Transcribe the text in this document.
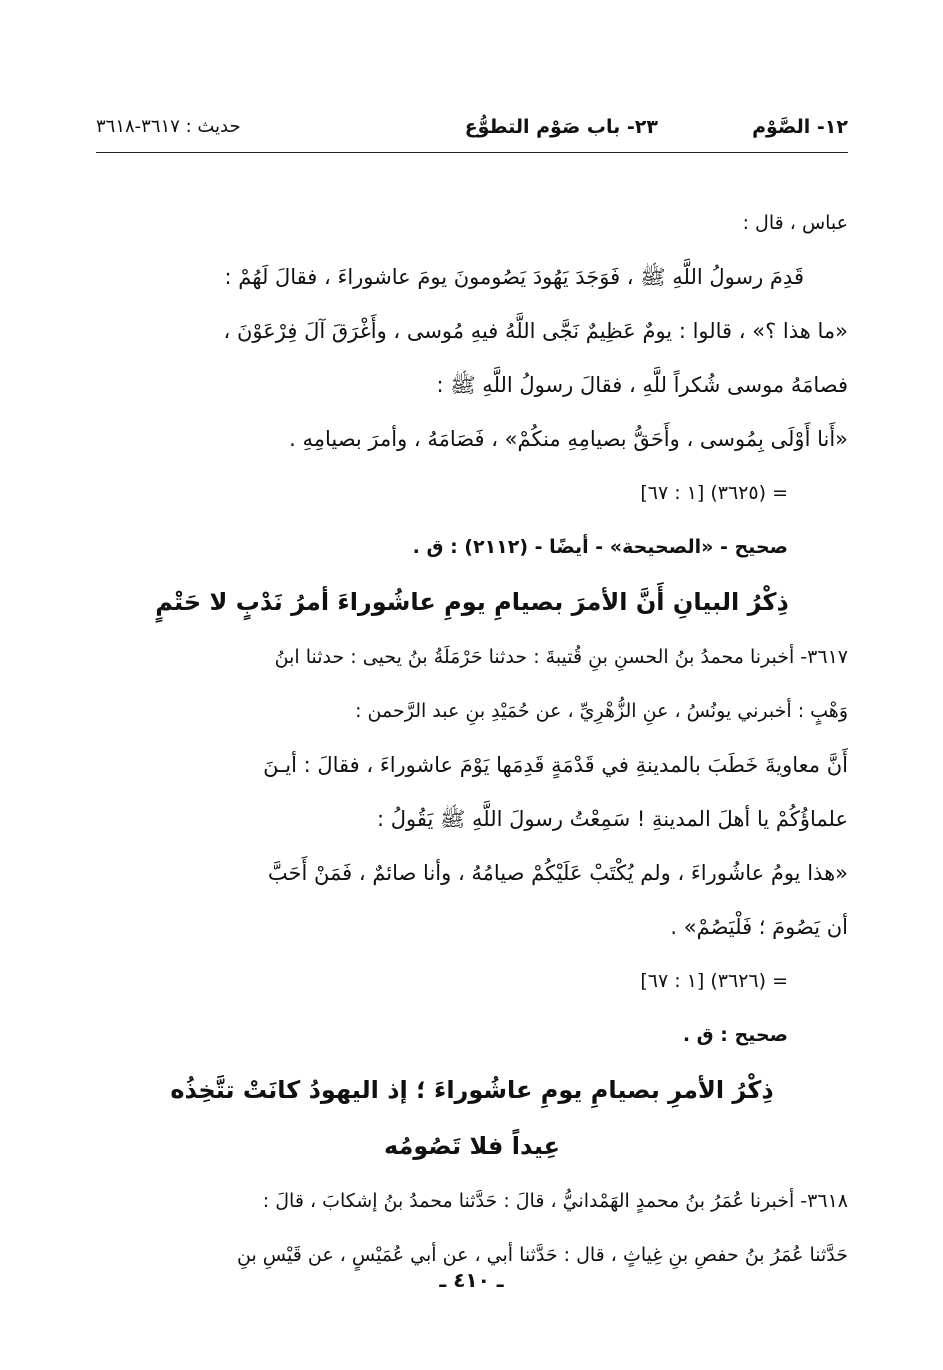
١٢- الصَّوْم
٢٣- باب صَوْم التطوُّع
حديث : ٣٦١٧-٣٦١٨
عباس ، قال :
قَدِمَ رسولُ اللَّهِ ﷺ ، فَوَجَدَ يَهُودَ يَصُومونَ يومَ عاشوراءَ ، فقالَ لَهُمْ :
«ما هذا ؟» ، قالوا : يومٌ عَظِيمٌ نَجَّى اللَّهُ فيهِ مُوسى ، وأَغْرَقَ آلَ فِرْعَوْنَ ،
فصامَهُ موسى شُكراً للَّهِ ، فقالَ رسولُ اللَّهِ ﷺ :
«أَنا أَوْلَى بِمُوسى ، وأَحَقُّ بصيامِهِ منكُمْ» ، فَصَامَهُ ، وأمرَ بصيامِهِ .
= (٣٦٢٥) [١ : ٦٧]
صحيح - «الصحيحة» - أيضًا - (٢١١٢) : ق .
ذِكْرُ البيانِ أَنَّ الأمرَ بصيامِ يومِ عاشُوراءَ أمرُ نَدْبٍ لا حَتْمٍ
٣٦١٧- أخبرنا محمدُ بنُ الحسنِ بنِ قُتيبةَ : حدثنا حَرْمَلَةُ بنُ يحيى : حدثنا ابنُ
وَهْبٍ : أخبرني يونُسُ ، عنِ الزُّهْرِيِّ ، عن حُمَيْدِ بنِ عبد الرَّحمن :
أَنَّ معاويةَ خَطَبَ بالمدينةِ في قَدْمَةٍ قَدِمَها يَوْمَ عاشوراءَ ، فقالَ : أيـنَ
علماؤُكُمْ يا أهلَ المدينةِ ! سَمِعْتُ رسولَ اللَّهِ ﷺ يَقُولُ :
«هذا يومُ عاشُوراءَ ، ولم يُكْتَبْ عَلَيْكُمْ صيامُهُ ، وأنا صائمٌ ، فَمَنْ أَحَبَّ
أن يَصُومَ ؛ فَلْيَصُمْ» .
= (٣٦٢٦) [١ : ٦٧]
صحيح : ق .
ذِكْرُ الأمرِ بصيامِ يومِ عاشُوراءَ ؛ إذ اليهودُ كانَتْ تتَّخِذُه
عِيداً فلا تَصُومُه
٣٦١٨- أخبرنا عُمَرُ بنُ محمدٍ الهَمْدانيُّ ، قالَ : حَدَّثنا محمدُ بنُ إشكابَ ، قالَ :
حَدَّثنا عُمَرُ بنُ حفصِ بنِ غِياثٍ ، قال : حَدَّثنا أبي ، عن أبي عُمَيْسٍ ، عن قَيْسِ بنِ
ـ ٤١٠ ـ
